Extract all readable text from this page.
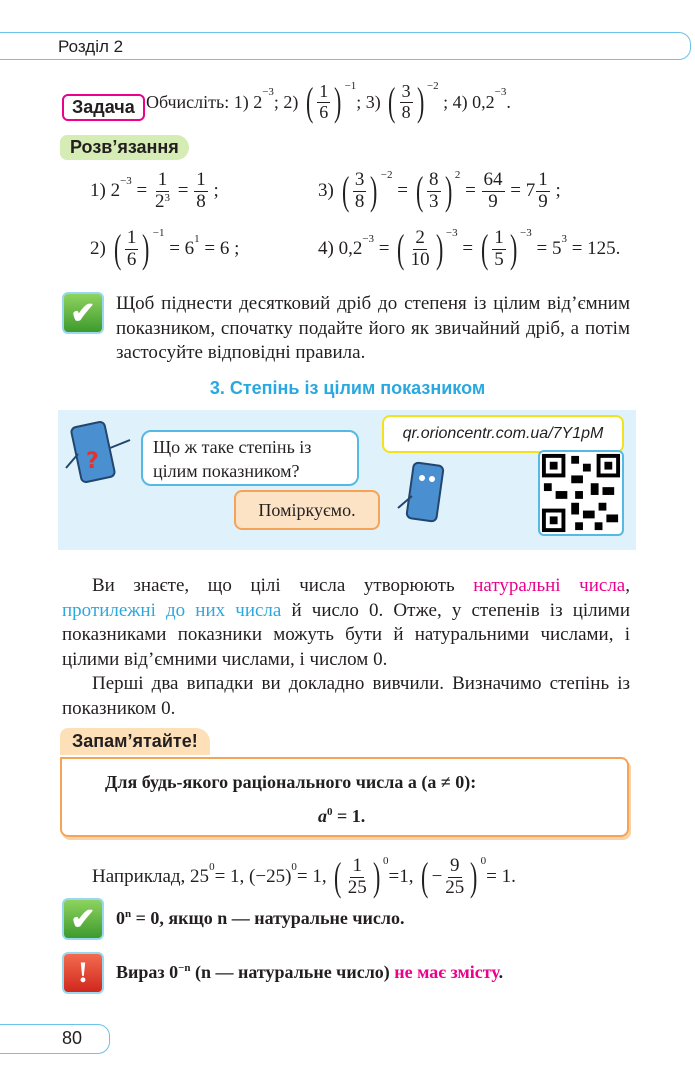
Розділ 2
Задача Обчисліть: 1)
$2^{-3}$ ; 2)
( $\frac{1}{6}$ ) $^{-1}$
; 3)
( $\frac{3}{8}$ ) $^{-2}$

; 4) $0,2^{-3}$ .
Розв’язання
1)
$2^{-3} = \frac{1}{2^3} = \frac{1}{8}$
;
2)
( $\frac{1}{6}$ ) $^{-1}$

= $6^1$
= 6 ;
3)
( $\frac{3}{8}$ ) $^{-2}$
= ( $\frac{8}{3}$ ) $^2$
= $\frac{64}{9}$
= $7 \frac{1}{9}$
;
4) $0,2^{-3}$ = ( $\frac{2}{10}$ ) $^{-3}$
= ( $\frac{1}{5}$ ) $^{-3}$

= $5^3$
= 125.
✔	Щоб піднести десятковий дріб до степеня із цілим від’ємним показником, спочатку подайте його як звичайний дріб, а потім застосуйте відповідні правила.
3. Степінь із цілим показником
?
Що ж таке степінь із цілим показником?
Поміркуємо.
qr.orioncentr.com.ua/7Y1pM
Ви знаєте, що цілі числа утворюють натуральні числа, протилежні до них числа й число 0. Отже, у степенів із цілими показниками показники можуть бути й натуральними числами, і цілими від’ємними числами, і числом 0.
Перші два випадки ви докладно вивчили. Визначимо степінь із показником 0.
Запам’ятайте!
Для будь-якого раціонального числа a (a ≠ 0):
$a^0 = 1$.
Наприклад, $25^0 = 1$, $(-25)^0 = 1$,
( $\frac{1}{25}$ ) $^0$
=1,
( − $\frac{9}{25}$ ) $^0$
= 1.
✔	$0^n = 0$, якщо n — натуральне число.
!	Вираз $0^{-n}$ (n — натуральне число) не має змісту.
80
